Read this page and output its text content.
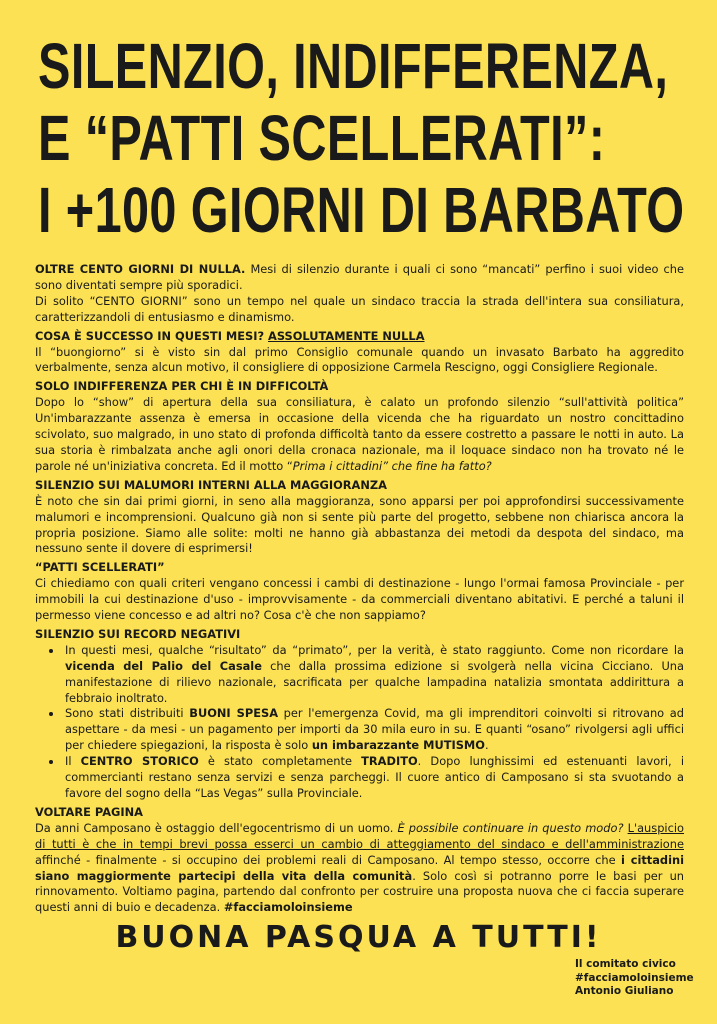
SILENZIO, INDIFFERENZA,
E “PATTI SCELLERATI”:
I +100 GIORNI DI BARBATO

OLTRE CENTO GIORNI DI NULLA. Mesi di silenzio durante i quali ci sono “mancati” perfino i suoi video che sono diventati sempre più sporadici.

Di solito “CENTO GIORNI” sono un tempo nel quale un sindaco traccia la strada dell'intera sua consiliatura, caratterizzandoli di entusiasmo e dinamismo.

COSA È SUCCESSO IN QUESTI MESI? ASSOLUTAMENTE NULLA

Il “buongiorno” si è visto sin dal primo Consiglio comunale quando un invasato Barbato ha aggredito verbalmente, senza alcun motivo, il consigliere di opposizione Carmela Rescigno, oggi Consigliere Regionale.

SOLO INDIFFERENZA PER CHI È IN DIFFICOLTÀ

Dopo lo “show” di apertura della sua consiliatura, è calato un profondo silenzio “sull'attività politica” Un'imbarazzante assenza è emersa in occasione della vicenda che ha riguardato un nostro concittadino scivolato, suo malgrado, in uno stato di profonda difficoltà tanto da essere costretto a passare le notti in auto. La sua storia è rimbalzata anche agli onori della cronaca nazionale, ma il loquace sindaco non ha trovato né le parole né un'iniziativa concreta. Ed il motto “Prima i cittadini” che fine ha fatto?

SILENZIO SUI MALUMORI INTERNI ALLA MAGGIORANZA

È noto che sin dai primi giorni, in seno alla maggioranza, sono apparsi per poi approfondirsi successivamente malumori e incomprensioni. Qualcuno già non si sente più parte del progetto, sebbene non chiarisca ancora la propria posizione. Siamo alle solite: molti ne hanno già abbastanza dei metodi da despota del sindaco, ma nessuno sente il dovere di esprimersi!

“PATTI SCELLERATI”

Ci chiediamo con quali criteri vengano concessi i cambi di destinazione - lungo l'ormai famosa Provinciale - per immobili la cui destinazione d'uso - improvvisamente - da commerciali diventano abitativi. E perché a taluni il permesso viene concesso e ad altri no? Cosa c'è che non sappiamo?

SILENZIO SUI RECORD NEGATIVI
• In questi mesi, qualche “risultato” da “primato”, per la verità, è stato raggiunto. Come non ricordare la vicenda del Palio del Casale che dalla prossima edizione si svolgerà nella vicina Cicciano. Una manifestazione di rilievo nazionale, sacrificata per qualche lampadina natalizia smontata addirittura a febbraio inoltrato.
• Sono stati distribuiti BUONI SPESA per l'emergenza Covid, ma gli imprenditori coinvolti si ritrovano ad aspettare - da mesi - un pagamento per importi da 30 mila euro in su. E quanti “osano” rivolgersi agli uffici per chiedere spiegazioni, la risposta è solo un imbarazzante MUTISMO.
• Il CENTRO STORICO è stato completamente TRADITO. Dopo lunghissimi ed estenuanti lavori, i commercianti restano senza servizi e senza parcheggi. Il cuore antico di Camposano si sta svuotando a favore del sogno della “Las Vegas” sulla Provinciale.
VOLTARE PAGINA

Da anni Camposano è ostaggio dell'egocentrismo di un uomo. È possibile continuare in questo modo? L'auspicio di tutti è che in tempi brevi possa esserci un cambio di atteggiamento del sindaco e dell'amministrazione affinché - finalmente - si occupino dei problemi reali di Camposano. Al tempo stesso, occorre che i cittadini siano maggiormente partecipi della vita della comunità. Solo così si potranno porre le basi per un rinnovamento. Voltiamo pagina, partendo dal confronto per costruire una proposta nuova che ci faccia superare questi anni di buio e decadenza. #facciamoloinsieme

BUONA PASQUA A TUTTI!
Il comitato civico
#facciamoloinsieme
Antonio Giuliano
